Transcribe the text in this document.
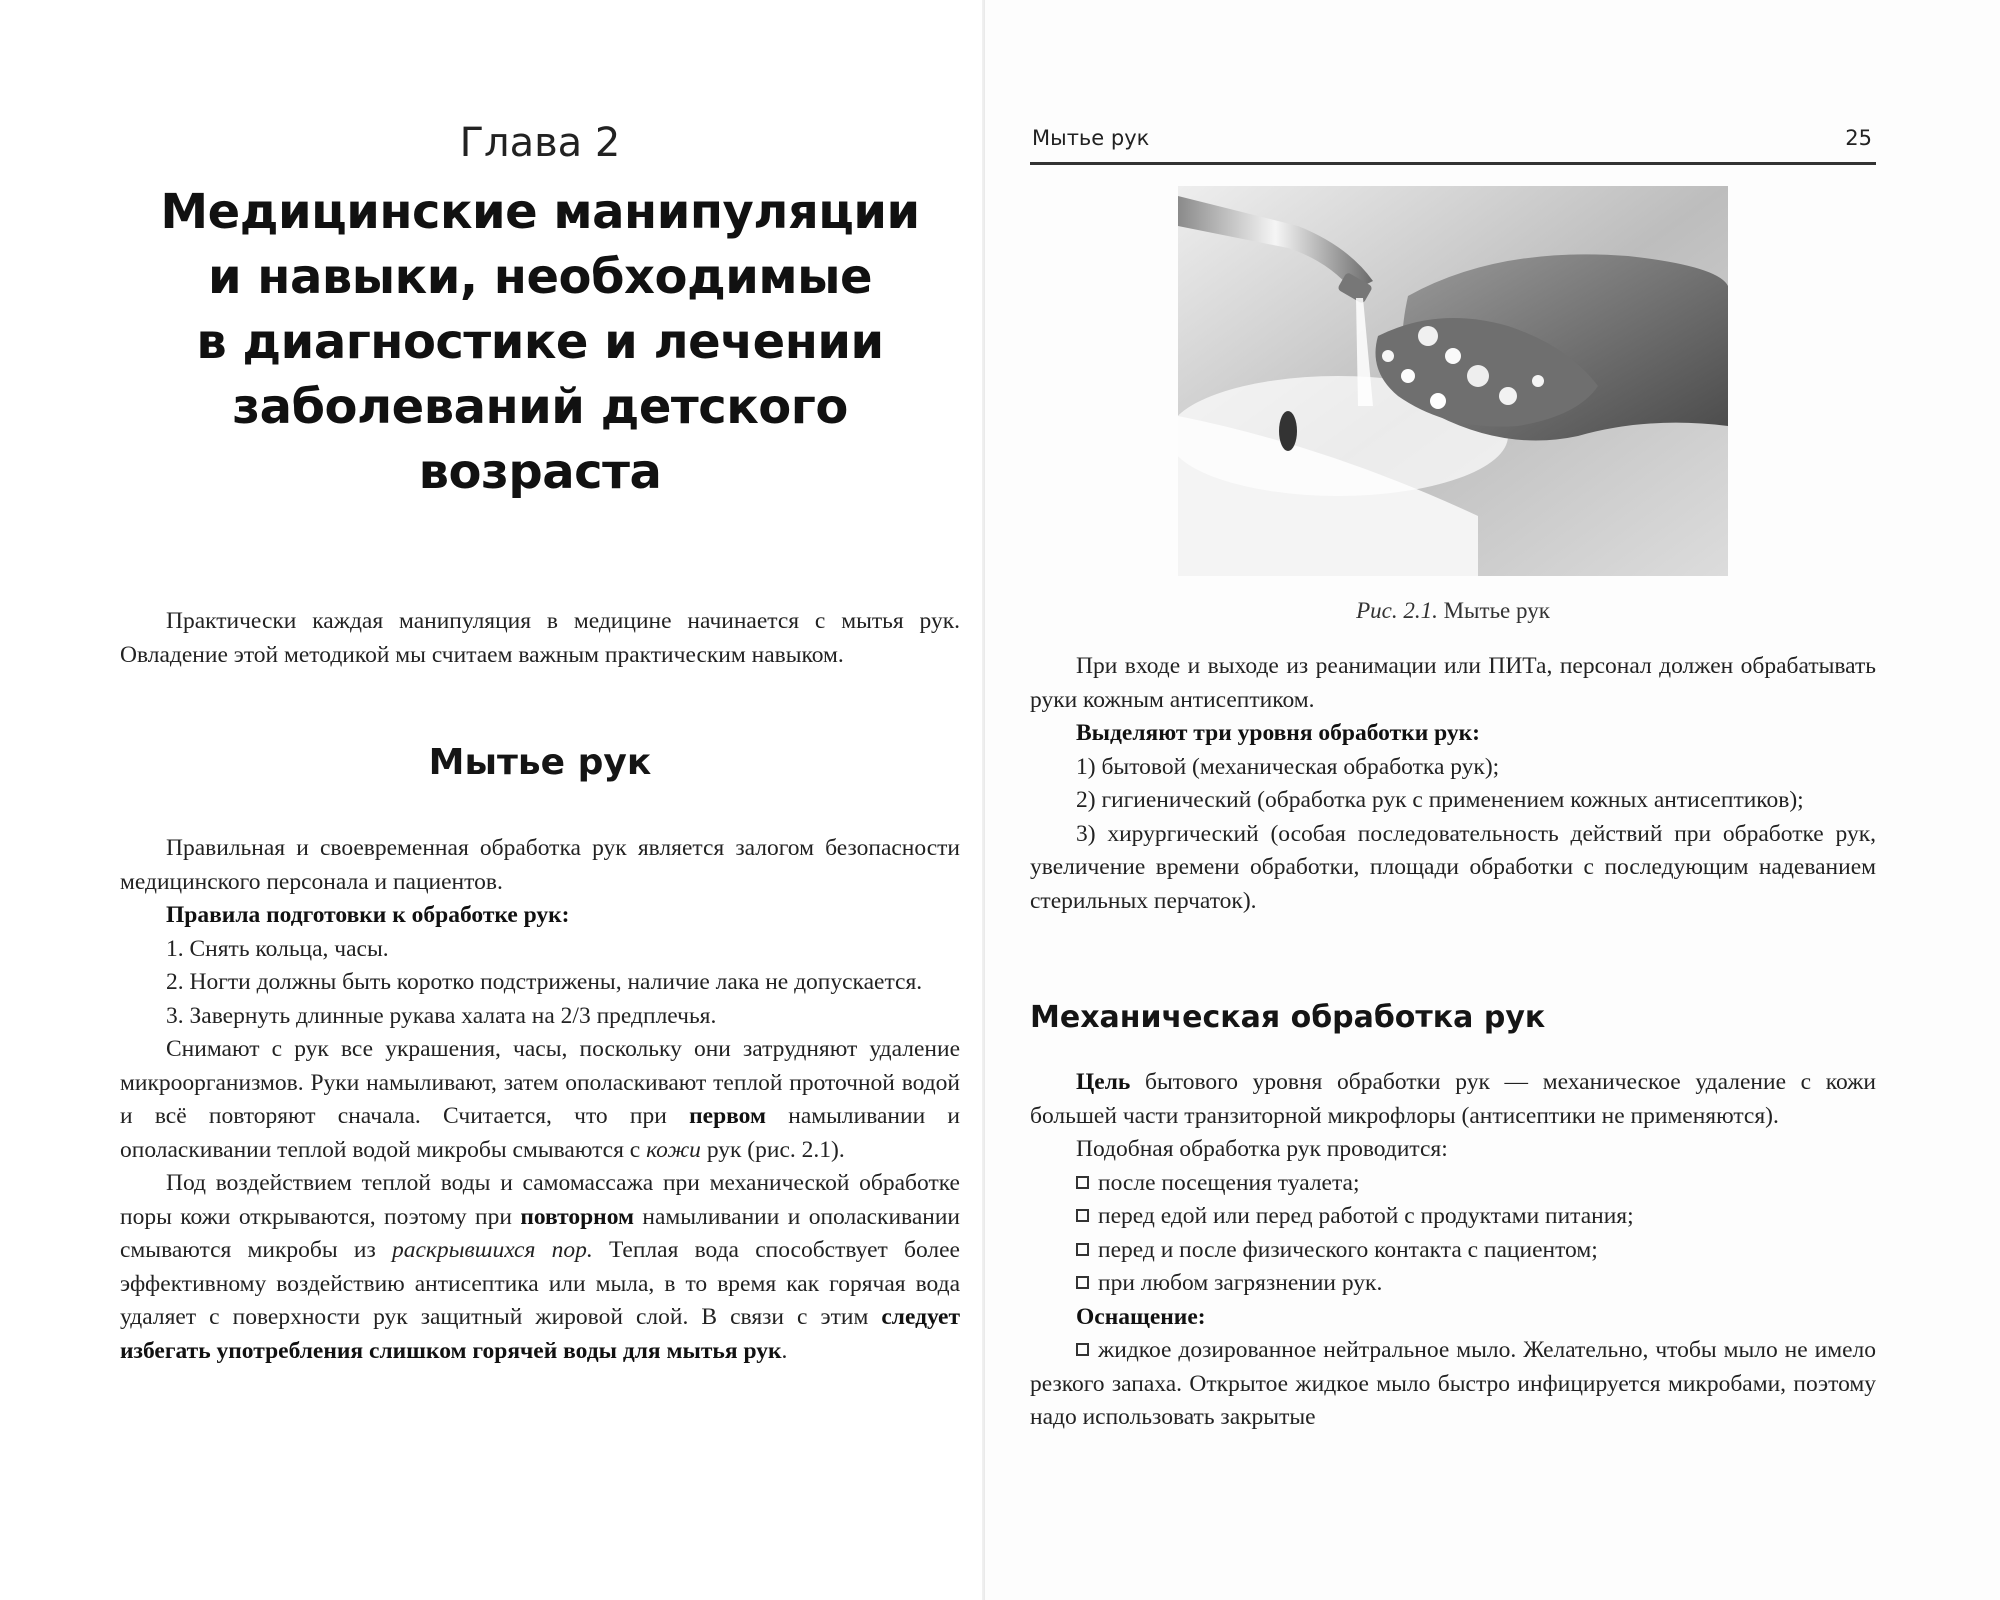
Глава 2
Медицинские манипуляции
и навыки, необходимые
в диагностике и лечении
заболеваний детского
возраста

Практически каждая манипуляция в медицине начинается с мытья рук. Овладение этой методикой мы считаем важным практическим навыком.

Мытье рук

Правильная и своевременная обработка рук является залогом безопасности медицинского персонала и пациентов.

Правила подготовки к обработке рук:

1. Снять кольца, часы.

2. Ногти должны быть коротко подстрижены, наличие лака не допускается.

3. Завернуть длинные рукава халата на 2/3 предплечья.

Снимают с рук все украшения, часы, поскольку они затрудняют удаление микроорганизмов. Руки намыливают, затем ополаскивают теплой проточной водой и всё повторяют сначала. Считается, что при первом намыливании и ополаскивании теплой водой микробы смываются с кожи рук (рис. 2.1).

Под воздействием теплой воды и самомассажа при механической обработке поры кожи открываются, поэтому при повторном намыливании и ополаскивании смываются микробы из раскрывшихся пор. Теплая вода способствует более эффективному воздействию антисептика или мыла, в то время как горячая вода удаляет с поверхности рук защитный жировой слой. В связи с этим следует избегать употребления слишком горячей воды для мытья рук.

Мытье рук	25
Рис. 2.1. Мытье рук

При входе и выходе из реанимации или ПИТа, персонал должен обрабатывать руки кожным антисептиком.

Выделяют три уровня обработки рук:

1) бытовой (механическая обработка рук);

2) гигиенический (обработка рук с применением кожных антисептиков);

3) хирургический (особая последовательность действий при обработке рук, увеличение времени обработки, площади обработки с последующим надеванием стерильных перчаток).

Механическая обработка рук

Цель бытового уровня обработки рук — механическое удаление с кожи большей части транзиторной микрофлоры (антисептики не применяются).

Подобная обработка рук проводится:

после посещения туалета;

перед едой или перед работой с продуктами питания;

перед и после физического контакта с пациентом;

при любом загрязнении рук.

Оснащение:

жидкое дозированное нейтральное мыло. Желательно, чтобы мыло не имело резкого запаха. Открытое жидкое мыло быстро инфицируется микробами, поэтому надо использовать закрытые
